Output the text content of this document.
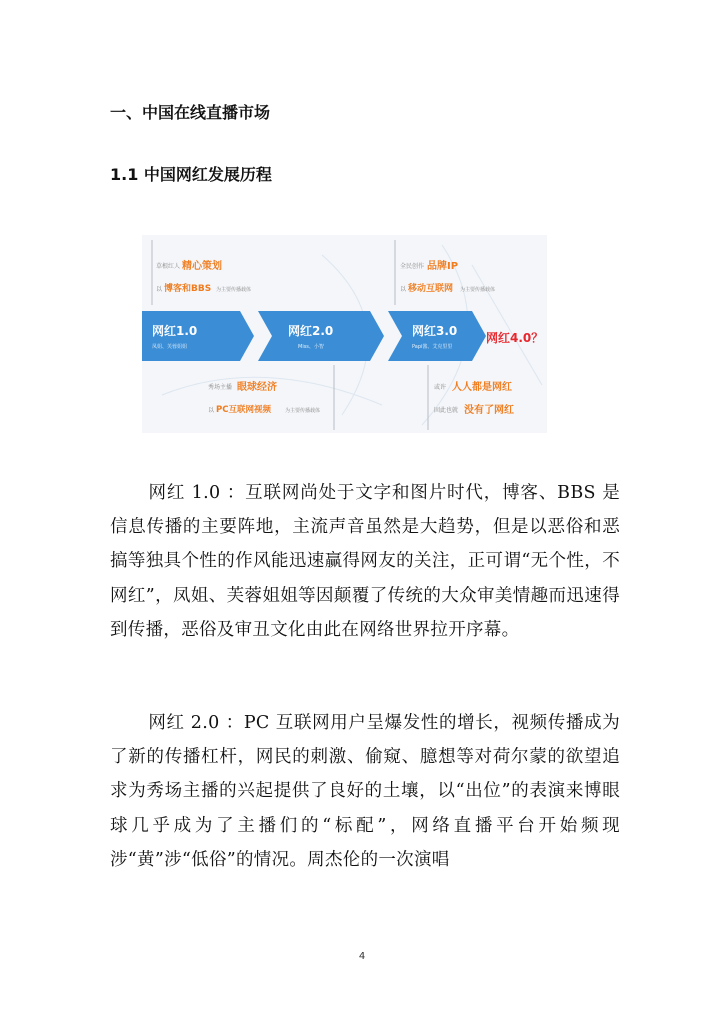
一、中国在线直播市场
1.1 中国网红发展历程
草根红人 精心策划
以 博客和BBS 为主要传播载体
全民创作 品牌IP
以 移动互联网 为主要传播载体
网红1.0
凤姐、芙蓉姐姐
网红2.0
Miss、小智
网红3.0
Papi酱、艾克里里
网红4.0？
秀场主播 眼球经济
以 PC互联网视频	为主要传播载体
或许 人人都是网红
固此也就 没有了网红
网红 1.0 ：互联网尚处于文字和图片时代，博客、BBS 是信息传播的主要阵地，主流声音虽然是大趋势，但是以恶俗和恶搞等独具个性的作风能迅速赢得网友的关注，正可谓“无个性，不网红”，凤姐、芙蓉姐姐等因颠覆了传统的大众审美情趣而迅速得到传播，恶俗及审丑文化由此在网络世界拉开序幕。
网红 2.0 ：PC 互联网用户呈爆发性的增长，视频传播成为了新的传播杠杆，网民的刺激、偷窥、臆想等对荷尔蒙的欲望追求为秀场主播的兴起提供了良好的土壤，以“出位”的表演来博眼球几乎成为了主播们的“标配”，网络直播平台开始频现涉“黄”涉“低俗”的情况。周杰伦的一次演唱
4
